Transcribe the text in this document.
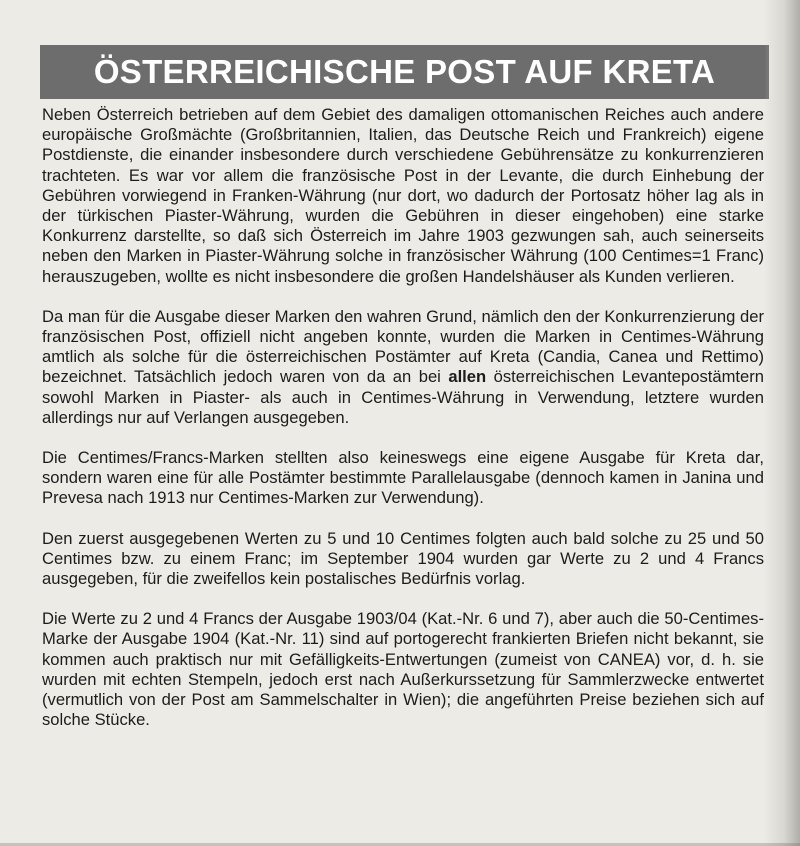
ÖSTERREICHISCHE POST AUF KRETA

Neben Österreich betrieben auf dem Gebiet des damaligen ottomanischen Reiches auch andere europäische Großmächte (Großbritannien, Italien, das Deutsche Reich und Frankreich) eigene Postdienste, die einander insbesondere durch verschiedene Gebührensätze zu konkurrenzieren trachteten. Es war vor allem die französische Post in der Levante, die durch Einhebung der Gebühren vorwiegend in Franken-Währung (nur dort, wo dadurch der Portosatz höher lag als in der türkischen Piaster-Währung, wurden die Gebühren in dieser eingehoben) eine starke Konkurrenz darstellte, so daß sich Österreich im Jahre 1903 gezwungen sah, auch seinerseits neben den Marken in Piaster-Währung solche in französischer Währung (100 Centimes=1 Franc) herauszugeben, wollte es nicht insbesondere die großen Handelshäuser als Kunden verlieren.

Da man für die Ausgabe dieser Marken den wahren Grund, nämlich den der Konkurrenzierung der französischen Post, offiziell nicht angeben konnte, wurden die Marken in Centimes-Währung amtlich als solche für die österreichischen Postämter auf Kreta (Candia, Canea und Rettimo) bezeichnet. Tatsächlich jedoch waren von da an bei allen österreichischen Levantepostämtern sowohl Marken in Piaster- als auch in Centimes-Währung in Verwendung, letztere wurden allerdings nur auf Verlangen ausgegeben.

Die Centimes/Francs-Marken stellten also keineswegs eine eigene Ausgabe für Kreta dar, sondern waren eine für alle Postämter bestimmte Parallelausgabe (dennoch kamen in Janina und Prevesa nach 1913 nur Centimes-Marken zur Verwendung).

Den zuerst ausgegebenen Werten zu 5 und 10 Centimes folgten auch bald solche zu 25 und 50 Centimes bzw. zu einem Franc; im September 1904 wurden gar Werte zu 2 und 4 Francs ausgegeben, für die zweifellos kein postalisches Bedürfnis vorlag.

Die Werte zu 2 und 4 Francs der Ausgabe 1903/04 (Kat.-Nr. 6 und 7), aber auch die 50-Centimes-Marke der Ausgabe 1904 (Kat.-Nr. 11) sind auf portogerecht frankierten Briefen nicht bekannt, sie kommen auch praktisch nur mit Gefälligkeits-Entwertungen (zumeist von CANEA) vor, d. h. sie wurden mit echten Stempeln, jedoch erst nach Außerkurssetzung für Sammlerzwecke entwertet (vermutlich von der Post am Sammelschalter in Wien); die angeführten Preise beziehen sich auf solche Stücke.
